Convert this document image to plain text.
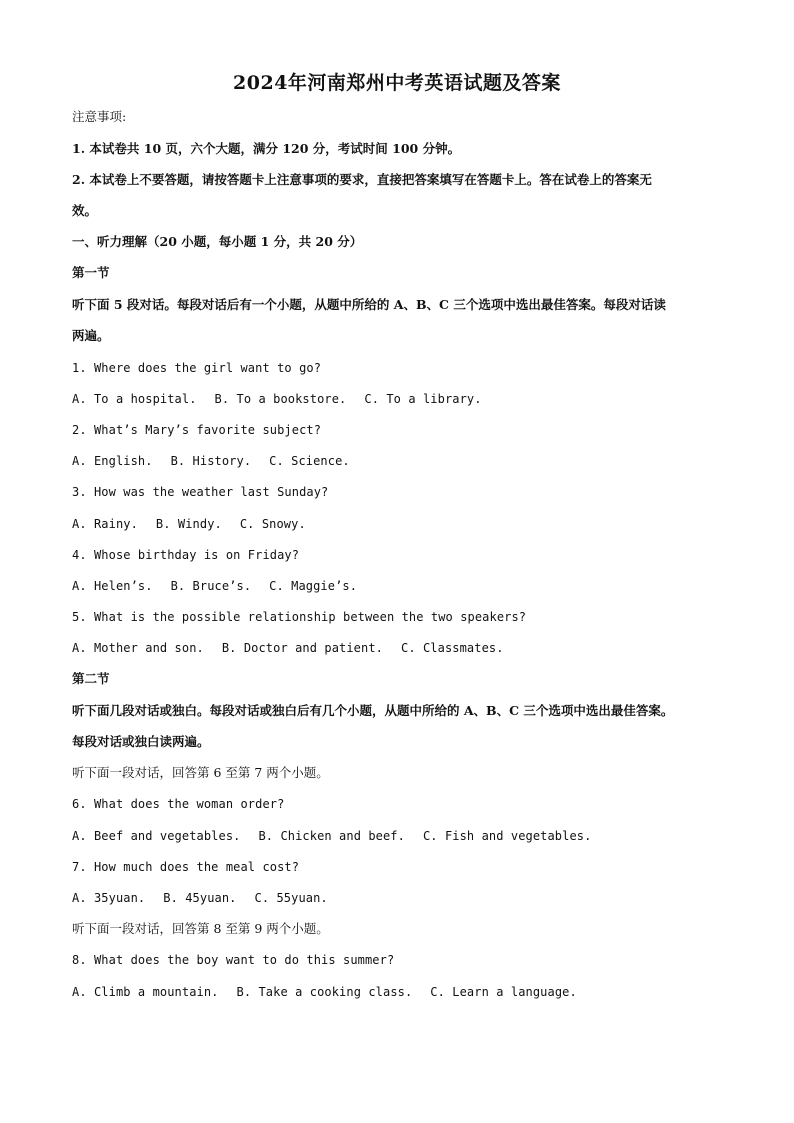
2024年河南郑州中考英语试题及答案
注意事项:
1. 本试卷共 10 页，六个大题，满分 120 分，考试时间 100 分钟。
2. 本试卷上不要答题，请按答题卡上注意事项的要求，直接把答案填写在答题卡上。答在试卷上的答案无
效。
一、听力理解（20 小题，每小题 1 分，共 20 分）
第一节
听下面 5 段对话。每段对话后有一个小题，从题中所给的 A、B、C 三个选项中选出最佳答案。每段对话读
两遍。
1. Where does the girl want to go?
A. To a hospital. B. To a bookstore. C. To a library.
2. What’s Mary’s favorite subject?
A. English. B. History. C. Science.
3. How was the weather last Sunday?
A. Rainy. B. Windy. C. Snowy.
4. Whose birthday is on Friday?
A. Helen’s. B. Bruce’s. C. Maggie’s.
5. What is the possible relationship between the two speakers?
A. Mother and son. B. Doctor and patient. C. Classmates.
第二节
听下面几段对话或独白。每段对话或独白后有几个小题，从题中所给的 A、B、C 三个选项中选出最佳答案。
每段对话或独白读两遍。
听下面一段对话，回答第 6 至第 7 两个小题。
6. What does the woman order?
A. Beef and vegetables. B. Chicken and beef. C. Fish and vegetables.
7. How much does the meal cost?
A. 35yuan. B. 45yuan. C. 55yuan.
听下面一段对话，回答第 8 至第 9 两个小题。
8. What does the boy want to do this summer?
A. Climb a mountain. B. Take a cooking class. C. Learn a language.
